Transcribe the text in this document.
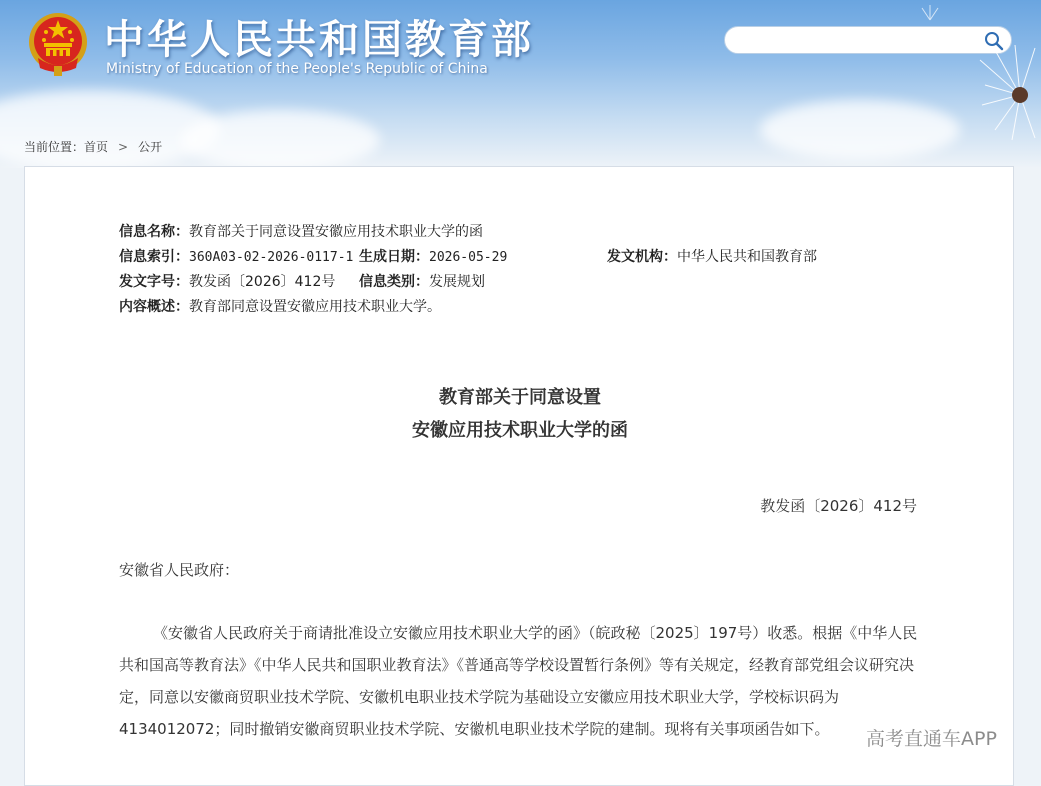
中华人民共和国教育部
Ministry of Education of the People's Republic of China
当前位置：首页 > 公开
信息名称：教育部关于同意设置安徽应用技术职业大学的函
信息索引：360A03-02-2026-0117-1 生成日期：2026-05-29	发文机构：中华人民共和国教育部
发文字号：教发函〔2026〕412号 信息类别：发展规划
内容概述：教育部同意设置安徽应用技术职业大学。
教育部关于同意设置
安徽应用技术职业大学的函
教发函〔2026〕412号
安徽省人民政府：

《安徽省人民政府关于商请批准设立安徽应用技术职业大学的函》（皖政秘〔2025〕197号）收悉。根据《中华人民共和国高等教育法》《中华人民共和国职业教育法》《普通高等学校设置暂行条例》等有关规定，经教育部党组会议研究决定，同意以安徽商贸职业技术学院、安徽机电职业技术学院为基础设立安徽应用技术职业大学，学校标识码为4134012072；同时撤销安徽商贸职业技术学院、安徽机电职业技术学院的建制。现将有关事项函告如下。	高考直通车APP
